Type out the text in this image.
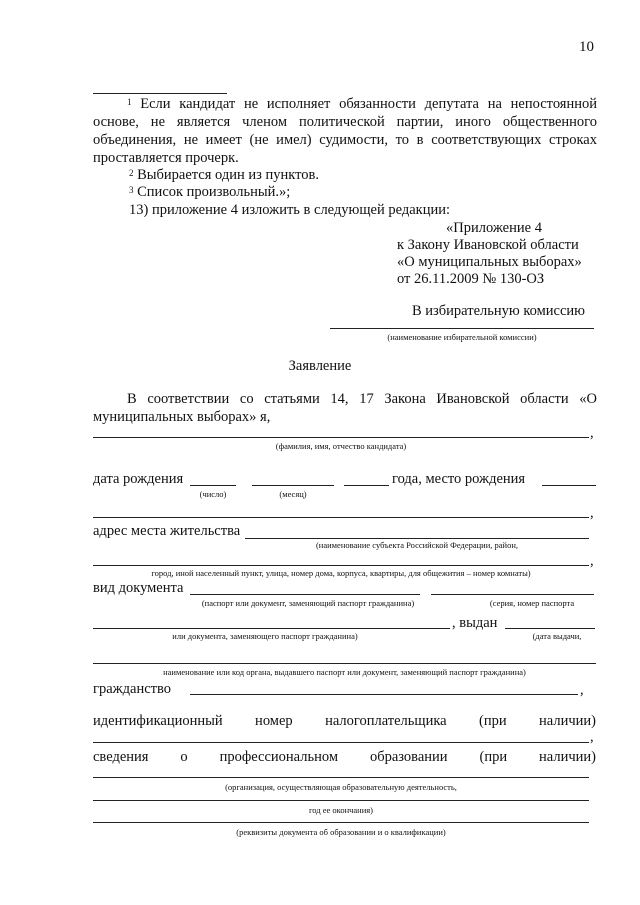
10
$^1$ Если кандидат не исполняет обязанности депутата на непостоянной
основе, не является членом политической партии, иного общественного
объединения, не имеет (не имел) судимости, то в соответствующих строках
проставляется прочерк.
$^2$ Выбирается один из пунктов.
$^3$ Список произвольный.»;
13) приложение 4 изложить в следующей редакции:
«Приложение 4
к Закону Ивановской области
«О муниципальных выборах»
от 26.11.2009 № 130-ОЗ
В избирательную комиссию
(наименование избирательной комиссии)
Заявление
В соответствии со статьями 14, 17 Закона Ивановской области «О
муниципальных выборах» я,
,
(фамилия, имя, отчество кандидата)
дата рождения	года, место рождения
(число)	(месяц)
,
адрес места жительства
(наименование субъекта Российской Федерации, район,
,
город, иной населенный пункт, улица, номер дома, корпуса, квартиры, для общежития – номер комнаты)
вид документа
(паспорт или документ, заменяющий паспорт гражданина)	(серия, номер паспорта
, выдан
или документа, заменяющего паспорт гражданина)	(дата выдачи,
наименование или код органа, выдавшего паспорт или документ, заменяющий паспорт гражданина)
гражданство	,
идентификационный номер налогоплательщика (при наличии)
,
сведения о профессиональном образовании (при наличии)
(организация, осуществляющая образовательную деятельность,
год ее окончания)
(реквизиты документа об образовании и о квалификации)
